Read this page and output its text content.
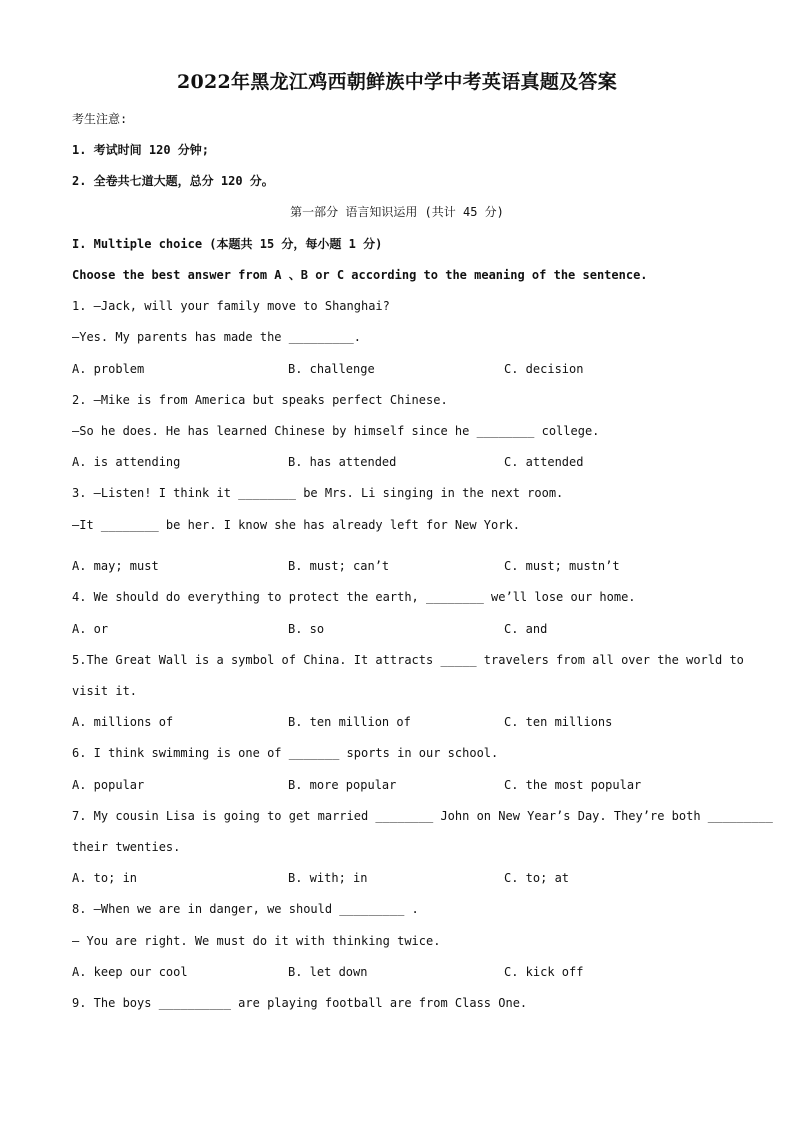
2022年黑龙江鸡西朝鲜族中学中考英语真题及答案
考生注意:
1. 考试时间 120 分钟;
2. 全卷共七道大题，总分 120 分。
第一部分 语言知识运用 (共计 45 分)
I. Multiple choice (本题共 15 分，每小题 1 分)
Choose the best answer from A 、B or C according to the meaning of the sentence.
1. —Jack, will your family move to Shanghai?
—Yes. My parents has made the _________.
A. problem	B. challenge	C. decision
2. —Mike is from America but speaks perfect Chinese.
—So he does. He has learned Chinese by himself since he ________ college.
A. is attending	B. has attended	C. attended
3. —Listen! I think it ________ be Mrs. Li singing in the next room.
—It ________ be her. I know she has already left for New York.
A. may; must	B. must; can’t	C. must; mustn’t
4. We should do everything to protect the earth, ________ we’ll lose our home.
A. or	B. so	C. and
5.The Great Wall is a symbol of China. It attracts _____ travelers from all over the world to
visit it.
A. millions of	B. ten million of	C. ten millions
6. I think swimming is one of _______ sports in our school.
A. popular	B. more popular	C. the most popular
7. My cousin Lisa is going to get married ________ John on New Year’s Day. They’re both _________
their twenties.
A. to; in	B. with; in	C. to; at
8. —When we are in danger, we should _________ .
— You are right. We must do it with thinking twice.
A. keep our cool	B. let down	C. kick off
9. The boys __________ are playing football are from Class One.
